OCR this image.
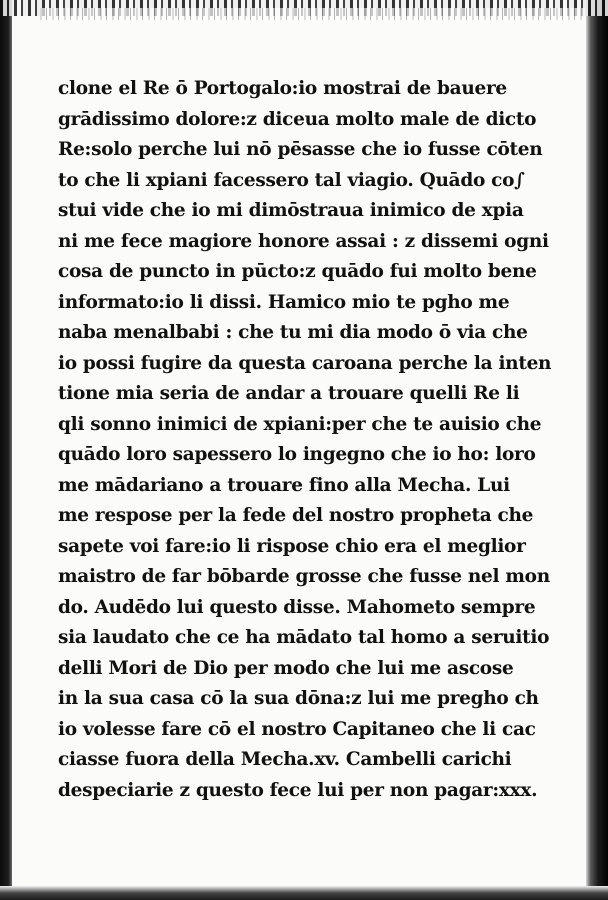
clone el Re ō Portogalo:io mostrai de bauere
grādissimo dolore:z diceua molto male de dicto
Re:solo perche lui nō pēsasse che io fusse cōten
to che li xpiani facessero tal viagio. Quādo co∫
stui vide che io mi dimōstraua inimico de xpia
ni me fece magiore honore assai : z dissemi ogni
cosa de puncto in pūcto:z quādo fui molto bene
informato:io li dissi. Hamico mio te pgho me
naba menalbabi : che tu mi dia modo ō via che
io possi fugire da questa caroana perche la inten
tione mia seria de andar a trouare quelli Re li
qli sonno inimici de xpiani:per che te auisio che
quādo loro sapessero lo ingegno che io ho: loro
me mādariano a trouare fino alla Mecha. Lui
me respose per la fede del nostro propheta che
sapete voi fare:io li rispose chio era el meglior
maistro de far bōbarde grosse che fusse nel mon
do. Audēdo lui questo disse. Mahometo sempre
sia laudato che ce ha mādato tal homo a seruitio
delli Mori de Dio per modo che lui me ascose
in la sua casa cō la sua dōna:z lui me pregho ch
io volesse fare cō el nostro Capitaneo che li cac
ciasse fuora della Mecha.xv. Cambelli carichi
despeciarie z questo fece lui per non pagar:xxx.
